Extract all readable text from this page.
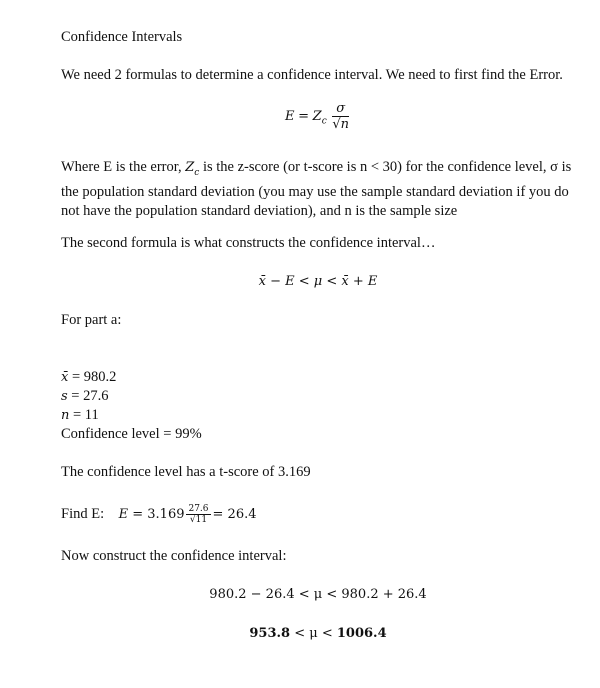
Confidence Intervals
We need 2 formulas to determine a confidence interval. We need to first find the Error.
$E = Z_c \frac{\sigma}{√n}$
Where E is the error, $Z_c$ is the z-score (or t-score is n < 30) for the confidence level, σ is the population standard deviation (you may use the sample standard deviation if you do not have the population standard deviation), and n is the sample size
The second formula is what constructs the confidence interval…
x̄ − E < μ < x̄ + E
For part a:
x̄ = 980.2
s = 27.6
n = 11
Confidence level = 99%
The confidence level has a t-score of 3.169
Find E: $E = 3.169 \frac{27.6}{√11} = 26.4$
Now construct the confidence interval:
980.2 − 26.4 < μ < 980.2 + 26.4
953.8 < μ < 1006.4
